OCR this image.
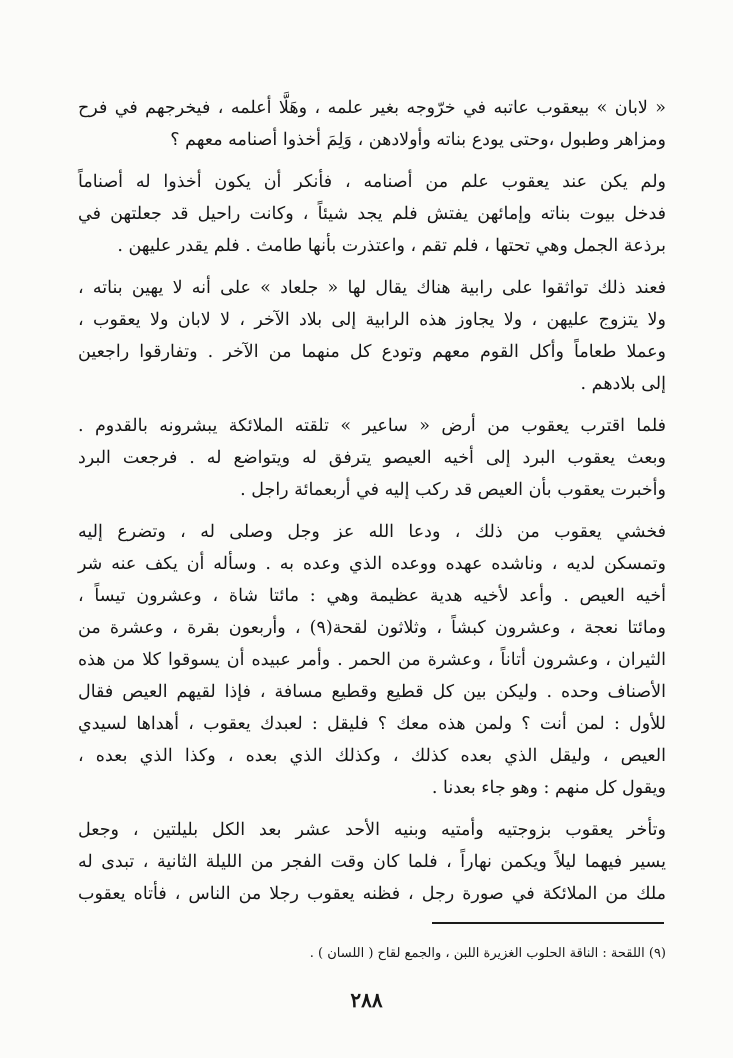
« لابان » بيعقوب عاتبه في خرّوجه بغير علمه ، وهَلَّا أعلمه ، فيخرجهم في فرح
ومزاهر وطبول ،وحتى يودع بناته وأولادهن ، وَلِمَ أخذوا أصنامه معهم ؟

ولم يكن عند يعقوب علم من أصنامه ، فأنكر أن يكون أخذوا له أصناماً
فدخل بيوت بناته وإمائهن يفتش فلم يجد شيئاً ، وكانت راحيل قد جعلتهن في
برذعة الجمل وهي تحتها ، فلم تقم ، واعتذرت بأنها طامث . فلم يقدر عليهن .

فعند ذلك تواثقوا على رابية هناك يقال لها « جلعاد » على أنه لا يهين بناته ،
ولا يتزوج عليهن ، ولا يجاوز هذه الرابية إلى بلاد الآخر ، لا لابان ولا يعقوب ،
وعملا طعاماً وأكل القوم معهم وتودع كل منهما من الآخر . وتفارقوا راجعين
إلى بلادهم .

فلما اقترب يعقوب من أرض « ساعير » تلقته الملائكة يبشرونه بالقدوم .
وبعث يعقوب البرد إلى أخيه العيصو يترفق له ويتواضع له . فرجعت البرد
وأخبرت يعقوب بأن العيص قد ركب إليه في أربعمائة راجل .

فخشي يعقوب من ذلك ، ودعا الله عز وجل وصلى له ، وتضرع إليه
وتمسكن لديه ، وناشده عهده ووعده الذي وعده به . وسأله أن يكف عنه شر
أخيه العيص . وأعد لأخيه هدية عظيمة وهي : مائتا شاة ، وعشرون تيساً ،
ومائتا نعجة ، وعشرون كبشاً ، وثلاثون لقحة(٩) ، وأربعون بقرة ، وعشرة من
الثيران ، وعشرون أتاناً ، وعشرة من الحمر . وأمر عبيده أن يسوقوا كلا من هذه
الأصناف وحده . وليكن بين كل قطيع وقطيع مسافة ، فإذا لقيهم العيص فقال
للأول : لمن أنت ؟ ولمن هذه معك ؟ فليقل : لعبدك يعقوب ، أهداها لسيدي
العيص ، وليقل الذي بعده كذلك ، وكذلك الذي بعده ، وكذا الذي بعده ،
ويقول كل منهم : وهو جاء بعدنا .

وتأخر يعقوب بزوجتيه وأمتيه وبنيه الأحد عشر بعد الكل بليلتين ، وجعل
يسير فيهما ليلاً ويكمن نهاراً ، فلما كان وقت الفجر من الليلة الثانية ، تبدى له
ملك من الملائكة في صورة رجل ، فظنه يعقوب رجلا من الناس ، فأتاه يعقوب

(٩) اللقحة : الناقة الحلوب الغزيرة اللبن ، والجمع لقاح ( اللسان ) .
٢٨٨
